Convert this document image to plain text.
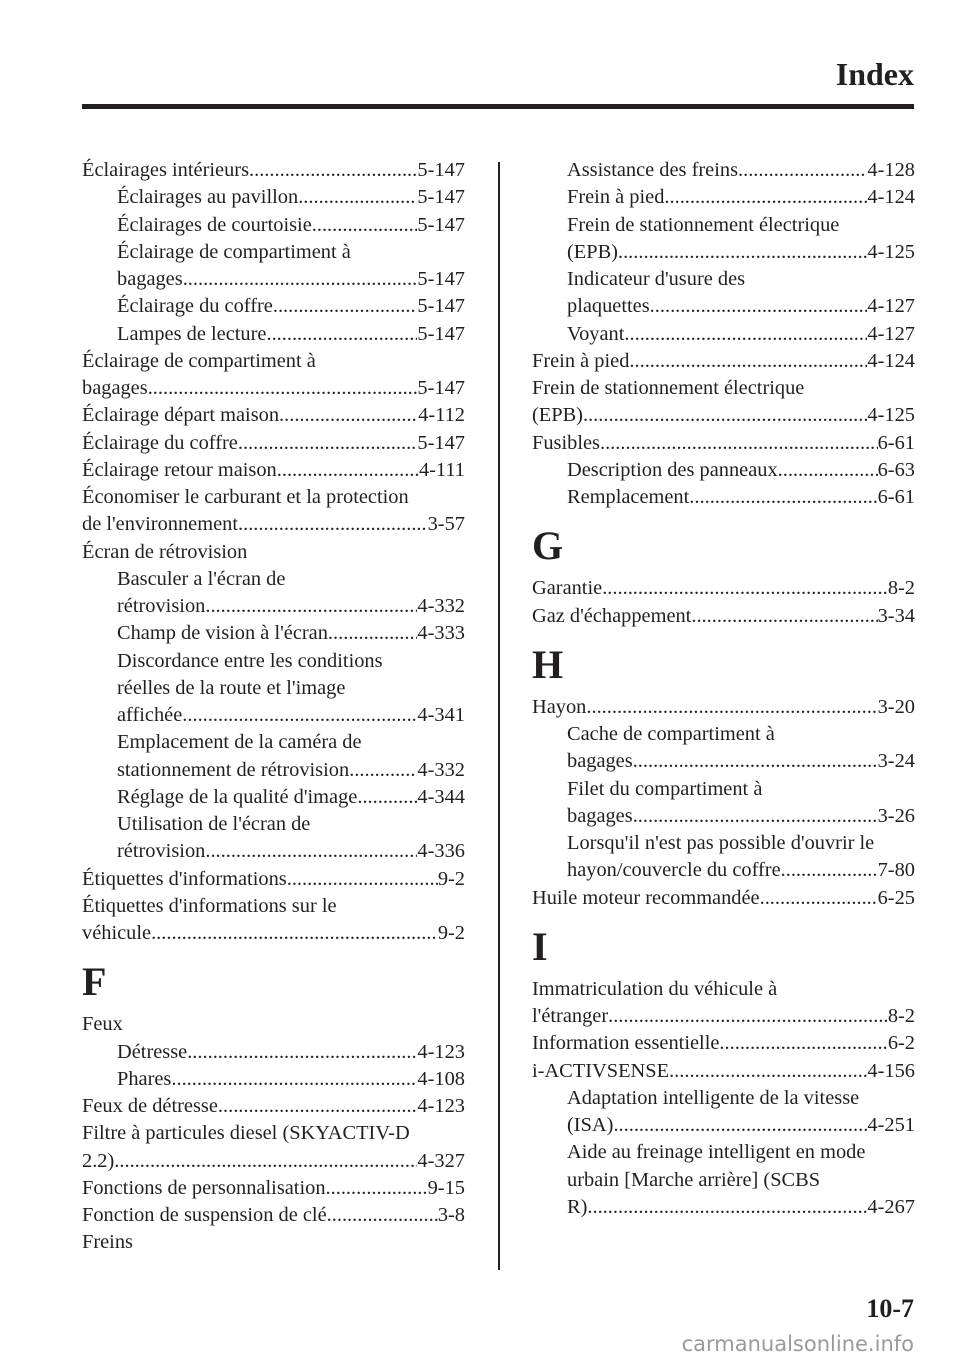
Index
Éclairages intérieurs .....	5-147
Éclairages au pavillon .....	5-147
Éclairages de courtoisie .....	5-147
Éclairage de compartiment à
bagages .....	5-147
Éclairage du coffre .....	5-147
Lampes de lecture .....	5-147
Éclairage de compartiment à
bagages .....	5-147
Éclairage départ maison .....	4-112
Éclairage du coffre .....	5-147
Éclairage retour maison .....	4-111
Économiser le carburant et la protection
de l'environnement .....	3-57
Écran de rétrovision
Basculer a l'écran de
rétrovision .....	4-332
Champ de vision à l'écran .....	4-333
Discordance entre les conditions
réelles de la route et l'image
affichée .....	4-341
Emplacement de la caméra de
stationnement de rétrovision .....	4-332
Réglage de la qualité d'image .....	4-344
Utilisation de l'écran de
rétrovision .....	4-336
Étiquettes d'informations .....	9-2
Étiquettes d'informations sur le
véhicule .....	9-2
F
Feux
Détresse .....	4-123
Phares .....	4-108
Feux de détresse .....	4-123
Filtre à particules diesel (SKYACTIV-D
2.2) .....	4-327
Fonctions de personnalisation .....	9-15
Fonction de suspension de clé .....	3-8
Freins
Assistance des freins .....	4-128
Frein à pied .....	4-124
Frein de stationnement électrique
(EPB) .....	4-125
Indicateur d'usure des
plaquettes .....	4-127
Voyant .....	4-127
Frein à pied .....	4-124
Frein de stationnement électrique
(EPB) .....	4-125
Fusibles .....	6-61
Description des panneaux .....	6-63
Remplacement .....	6-61
G
Garantie .....	8-2
Gaz d'échappement .....	3-34
H
Hayon .....	3-20
Cache de compartiment à
bagages .....	3-24
Filet du compartiment à
bagages .....	3-26
Lorsqu'il n'est pas possible d'ouvrir le
hayon/couvercle du coffre .....	7-80
Huile moteur recommandée .....	6-25
I
Immatriculation du véhicule à
l'étranger .....	8-2
Information essentielle .....	6-2
i-ACTIVSENSE .....	4-156
Adaptation intelligente de la vitesse
(ISA) .....	4-251
Aide au freinage intelligent en mode
urbain [Marche arrière] (SCBS
R) .....	4-267
10-7
carmanualsonline.info
